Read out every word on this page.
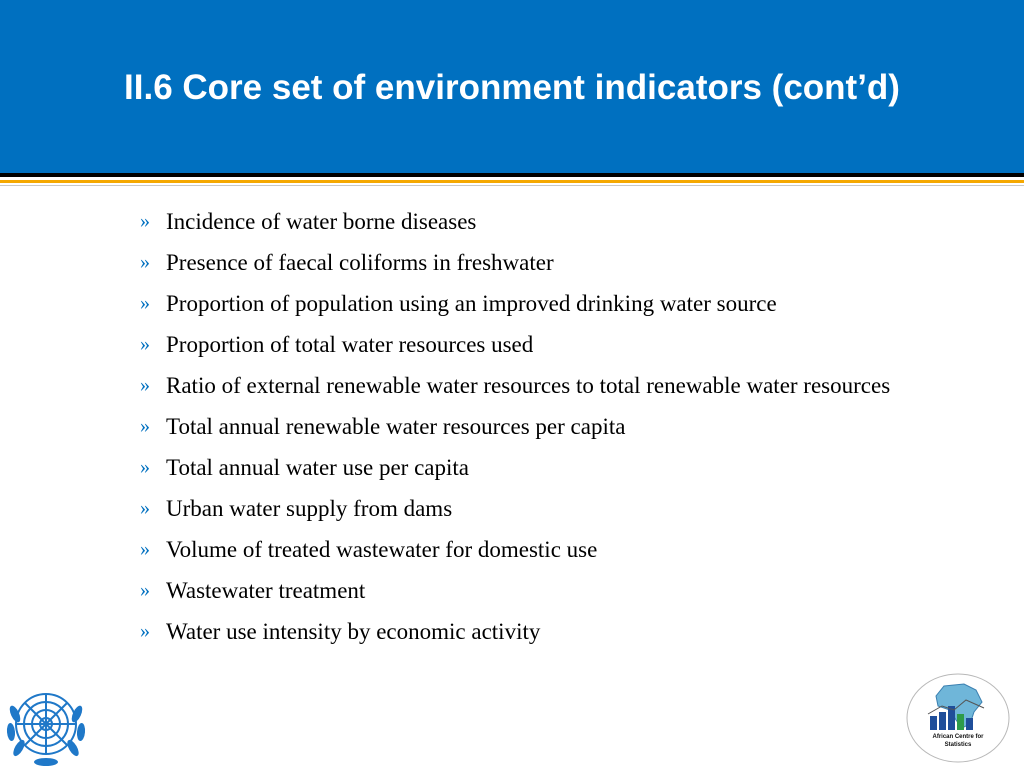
II.6 Core set of environment indicators (cont’d)
» Incidence of water borne diseases
» Presence of faecal coliforms in freshwater
» Proportion of population using an improved drinking water source
» Proportion of total water resources used
» Ratio of external renewable water resources to total renewable water resources
» Total annual renewable water resources per capita
» Total annual water use per capita
» Urban water supply from dams
» Volume of treated wastewater for domestic use
» Wastewater treatment
» Water use intensity by economic activity
African Centre for
Statistics
